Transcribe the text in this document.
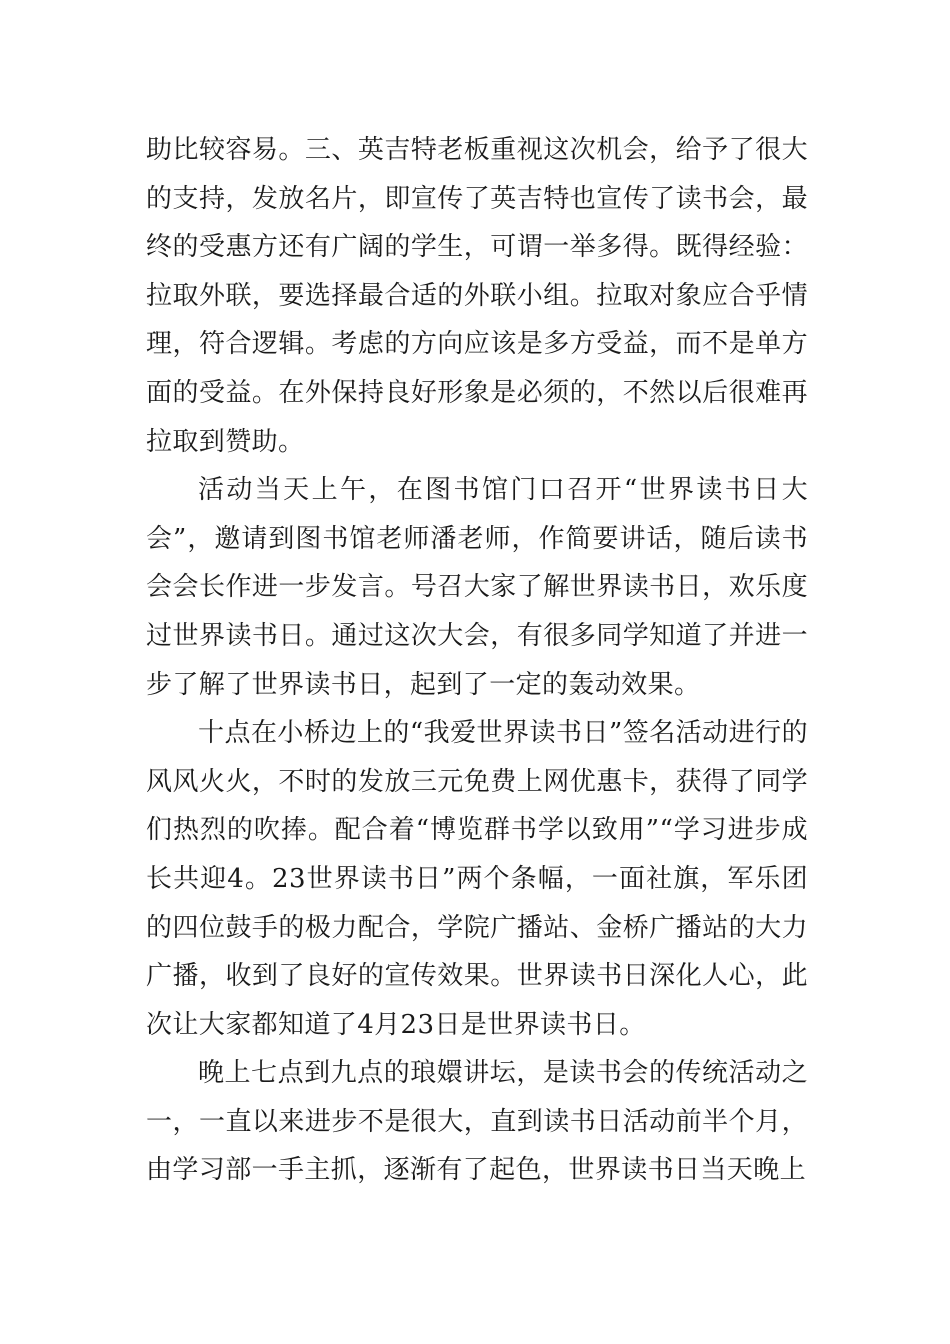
助比较容易。三、英吉特老板重视这次机会，给予了很大的支持，发放名片，即宣传了英吉特也宣传了读书会，最终的受惠方还有广阔的学生，可谓一举多得。既得经验：拉取外联，要选择最合适的外联小组。拉取对象应合乎情理，符合逻辑。考虑的方向应该是多方受益，而不是单方面的受益。在外保持良好形象是必须的，不然以后很难再拉取到赞助。

活动当天上午，在图书馆门口召开“世界读书日大会”，邀请到图书馆老师潘老师，作简要讲话，随后读书会会长作进一步发言。号召大家了解世界读书日，欢乐度过世界读书日。通过这次大会，有很多同学知道了并进一步了解了世界读书日，起到了一定的轰动效果。

十点在小桥边上的“我爱世界读书日”签名活动进行的风风火火，不时的发放三元免费上网优惠卡，获得了同学们热烈的吹捧。配合着“博览群书学以致用”“学习进步成长共迎4。23世界读书日”两个条幅，一面社旗，军乐团的四位鼓手的极力配合，学院广播站、金桥广播站的大力广播，收到了良好的宣传效果。世界读书日深化人心，此次让大家都知道了4月23日是世界读书日。

晚上七点到九点的琅嬛讲坛，是读书会的传统活动之一，一直以来进步不是很大，直到读书日活动前半个月，由学习部一手主抓，逐渐有了起色，世界读书日当天晚上
